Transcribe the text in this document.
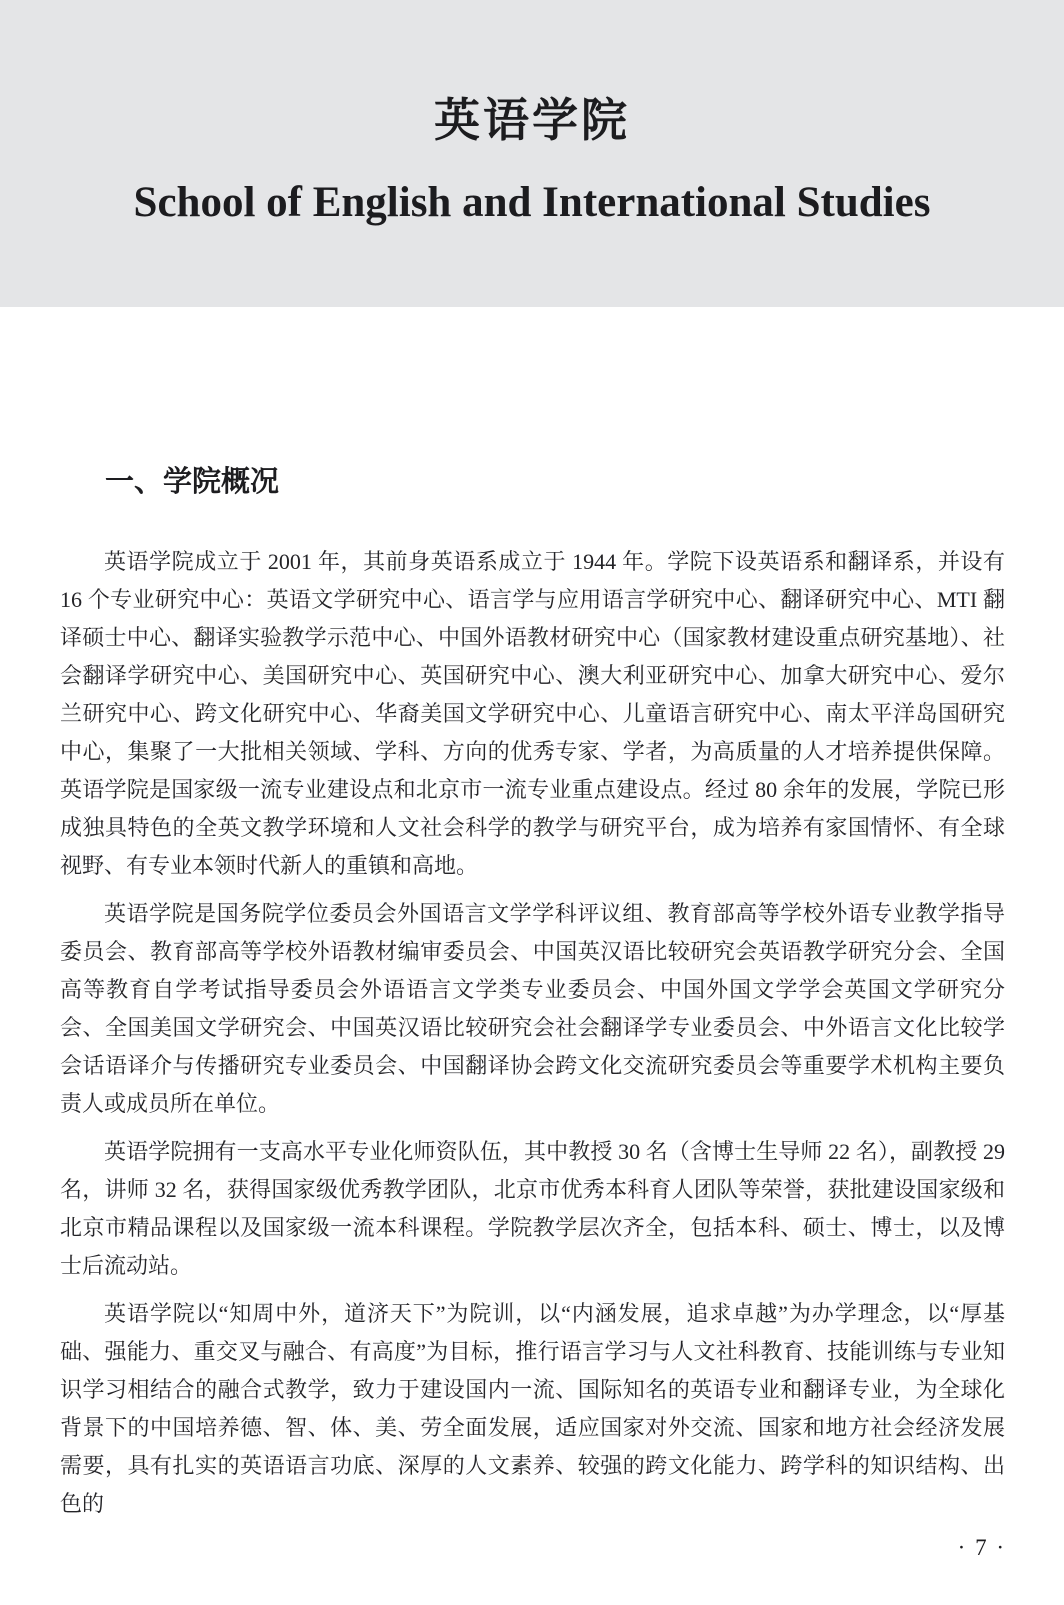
英语学院
School of English and International Studies
一、学院概况

英语学院成立于 2001 年，其前身英语系成立于 1944 年。学院下设英语系和翻译系，并设有 16 个专业研究中心：英语文学研究中心、语言学与应用语言学研究中心、翻译研究中心、MTI 翻译硕士中心、翻译实验教学示范中心、中国外语教材研究中心（国家教材建设重点研究基地）、社会翻译学研究中心、美国研究中心、英国研究中心、澳大利亚研究中心、加拿大研究中心、爱尔兰研究中心、跨文化研究中心、华裔美国文学研究中心、儿童语言研究中心、南太平洋岛国研究中心，集聚了一大批相关领域、学科、方向的优秀专家、学者，为高质量的人才培养提供保障。英语学院是国家级一流专业建设点和北京市一流专业重点建设点。经过 80 余年的发展，学院已形成独具特色的全英文教学环境和人文社会科学的教学与研究平台，成为培养有家国情怀、有全球视野、有专业本领时代新人的重镇和高地。

英语学院是国务院学位委员会外国语言文学学科评议组、教育部高等学校外语专业教学指导委员会、教育部高等学校外语教材编审委员会、中国英汉语比较研究会英语教学研究分会、全国高等教育自学考试指导委员会外语语言文学类专业委员会、中国外国文学学会英国文学研究分会、全国美国文学研究会、中国英汉语比较研究会社会翻译学专业委员会、中外语言文化比较学会话语译介与传播研究专业委员会、中国翻译协会跨文化交流研究委员会等重要学术机构主要负责人或成员所在单位。

英语学院拥有一支高水平专业化师资队伍，其中教授 30 名（含博士生导师 22 名），副教授 29 名，讲师 32 名，获得国家级优秀教学团队，北京市优秀本科育人团队等荣誉，获批建设国家级和北京市精品课程以及国家级一流本科课程。学院教学层次齐全，包括本科、硕士、博士，以及博士后流动站。

英语学院以“知周中外，道济天下”为院训，以“内涵发展，追求卓越”为办学理念，以“厚基础、强能力、重交叉与融合、有高度”为目标，推行语言学习与人文社科教育、技能训练与专业知识学习相结合的融合式教学，致力于建设国内一流、国际知名的英语专业和翻译专业，为全球化背景下的中国培养德、智、体、美、劳全面发展，适应国家对外交流、国家和地方社会经济发展需要，具有扎实的英语语言功底、深厚的人文素养、较强的跨文化能力、跨学科的知识结构、出色的

· 7 ·
